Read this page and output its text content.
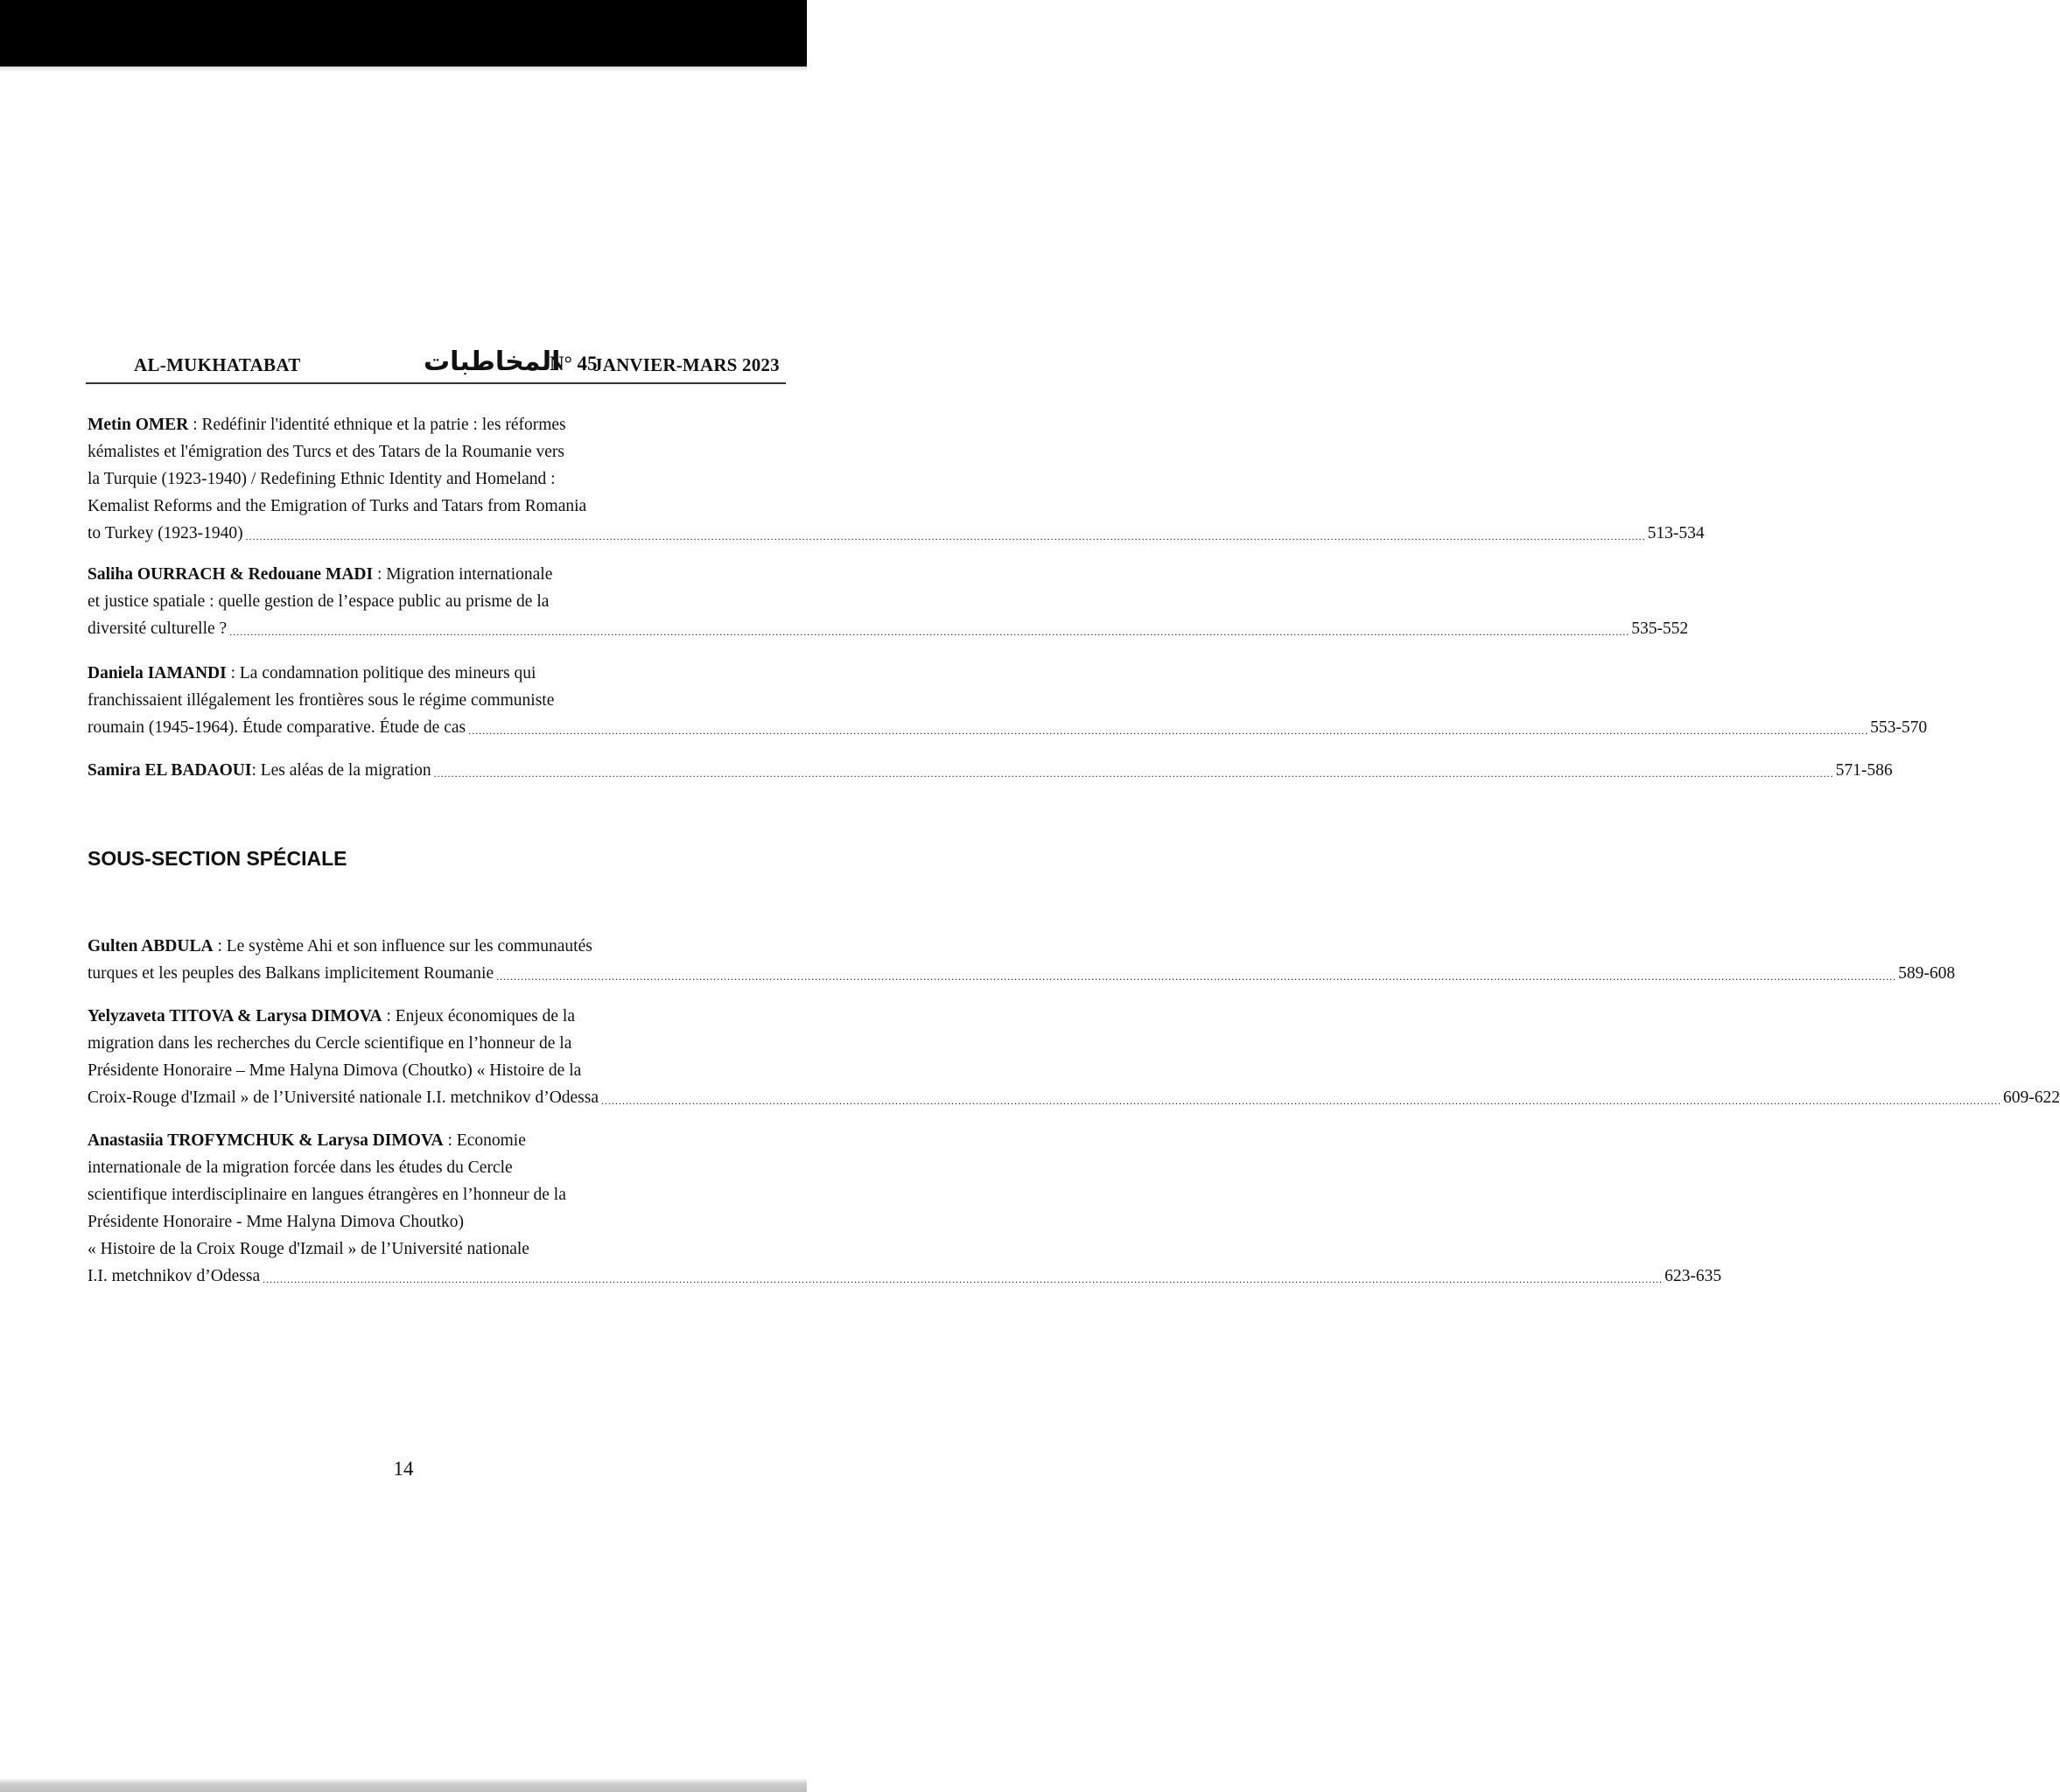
AL-MUKHATABAT	المخاطبات
N° 45
JANVIER-MARS 2023
Metin OMER : Redéfinir l'identité ethnique et la patrie : les réformes
kémalistes et l'émigration des Turcs et des Tatars de la Roumanie vers
la Turquie (1923-1940) / Redefining Ethnic Identity and Homeland :
Kemalist Reforms and the Emigration of Turks and Tatars from Romania
to Turkey (1923-1940) ................................................................................................................................................................................................................................................................................................................................................................................................................ 513-534
Saliha OURRACH & Redouane MADI : Migration internationale
et justice spatiale : quelle gestion de l’espace public au prisme de la
diversité culturelle ? ................................................................................................................................................................................................................................................................................................................................................................................................................ 535-552
Daniela IAMANDI : La condamnation politique des mineurs qui
franchissaient illégalement les frontières sous le régime communiste
roumain (1945-1964). Étude comparative. Étude de cas ................................................................................................................................................................................................................................................................................................................................................................................................................ 553-570
Samira EL BADAOUI : Les aléas de la migration ................................................................................................................................................................................................................................................................................................................................................................................................................ 571-586
SOUS-SECTION SPÉCIALE
Gulten ABDULA : Le système Ahi et son influence sur les communautés
turques et les peuples des Balkans implicitement Roumanie ................................................................................................................................................................................................................................................................................................................................................................................................................ 589-608
Yelyzaveta TITOVA & Larysa DIMOVA : Enjeux économiques de la
migration dans les recherches du Cercle scientifique en l’honneur de la
Présidente Honoraire – Mme Halyna Dimova (Choutko) « Histoire de la
Croix-Rouge d'Izmail » de l’Université nationale I.I. metchnikov d’Odessa ................................................................................................................................................................................................................................................................................................................................................................................................................ 609-622
Anastasiia TROFYMCHUK & Larysa DIMOVA : Economie
internationale de la migration forcée dans les études du Cercle
scientifique interdisciplinaire en langues étrangères en l’honneur de la
Présidente Honoraire - Mme Halyna Dimova Choutko)
« Histoire de la Croix Rouge d'Izmail » de l’Université nationale
I.I. metchnikov d’Odessa ................................................................................................................................................................................................................................................................................................................................................................................................................ 623-635
14
